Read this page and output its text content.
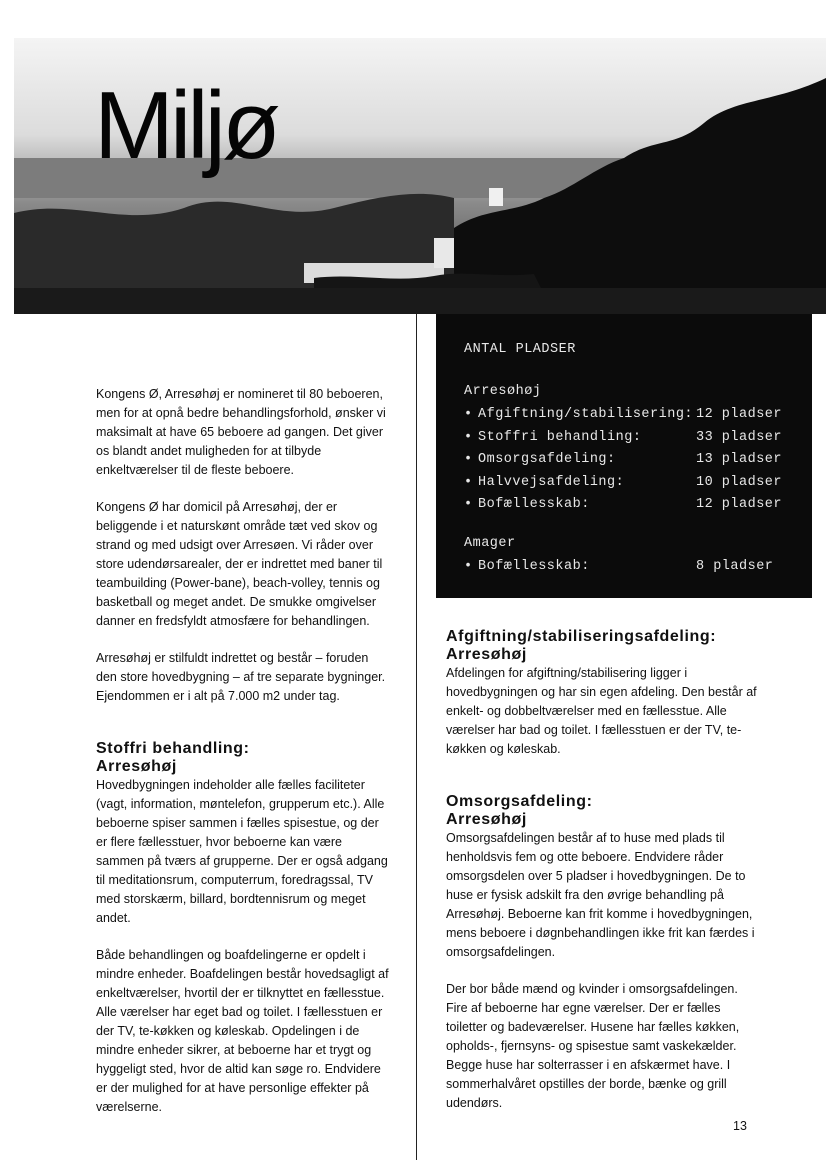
Miljø

ANTAL PLADSER

Arresøhøj

• Afgiftning/stabilisering: 12 pladser
• Stoffri behandling:	33 pladser
• Omsorgsafdeling:	13 pladser
• Halvvejsafdeling:	10 pladser
• Bofællesskab:	12 pladser

Amager

• Bofællesskab:	8 pladser

Kongens Ø, Arresøhøj er nomineret til 80 beboeren, men for at opnå bedre behandlingsforhold, ønsker vi maksimalt at have 65 beboere ad gangen. Det giver os blandt andet muligheden for at tilbyde enkeltværelser til de fleste beboere.

Kongens Ø har domicil på Arresøhøj, der er beliggende i et naturskønt område tæt ved skov og strand og med udsigt over Arresøen. Vi råder over store udendørsarealer, der er indrettet med baner til teambuilding (Power-bane), beach-volley, tennis og basketball og meget andet. De smukke omgivelser danner en fredsfyldt atmosfære for behandlingen.

Arresøhøj er stilfuldt indrettet og består – foruden den store hovedbygning – af tre separate bygninger. Ejendommen er i alt på 7.000 m2 under tag.

Stoffri behandling:
Arresøhøj

Hovedbygningen indeholder alle fælles faciliteter (vagt, information, møntelefon, grupperum etc.). Alle beboerne spiser sammen i fælles spisestue, og der er flere fællesstuer, hvor beboerne kan være sammen på tværs af grupperne. Der er også adgang til meditationsrum, computerrum, foredragssal, TV med storskærm, billard, bordtennisrum og meget andet.

Både behandlingen og boafdelingerne er opdelt i mindre enheder. Boafdelingen består hovedsagligt af enkeltværelser, hvortil der er tilknyttet en fællesstue. Alle værelser har eget bad og toilet. I fællesstuen er der TV, te-køkken og køleskab. Opdelingen i de mindre enheder sikrer, at beboerne har et trygt og hyggeligt sted, hvor de altid kan søge ro. Endvidere er der mulighed for at have personlige effekter på værelserne.

Afgiftning/stabiliseringsafdeling:
Arresøhøj

Afdelingen for afgiftning/stabilisering ligger i hovedbygningen og har sin egen afdeling. Den består af enkelt- og dobbeltværelser med en fællesstue. Alle værelser har bad og toilet. I fællesstuen er der TV, te-køkken og køleskab.

Omsorgsafdeling:
Arresøhøj

Omsorgsafdelingen består af to huse med plads til henholdsvis fem og otte beboere. Endvidere råder omsorgsdelen over 5 pladser i hovedbygningen. De to huse er fysisk adskilt fra den øvrige behandling på Arresøhøj. Beboerne kan frit komme i hovedbygningen, mens beboere i døgnbehandlingen ikke frit kan færdes i omsorgsafdelingen.

Der bor både mænd og kvinder i omsorgsafdelingen. Fire af beboerne har egne værelser. Der er fælles toiletter og badeværelser. Husene har fælles køkken, opholds-, fjernsyns- og spisestue samt vaskekælder. Begge huse har solterrasser i en afskærmet have. I sommerhalvåret opstilles der borde, bænke og grill udendørs.

13
